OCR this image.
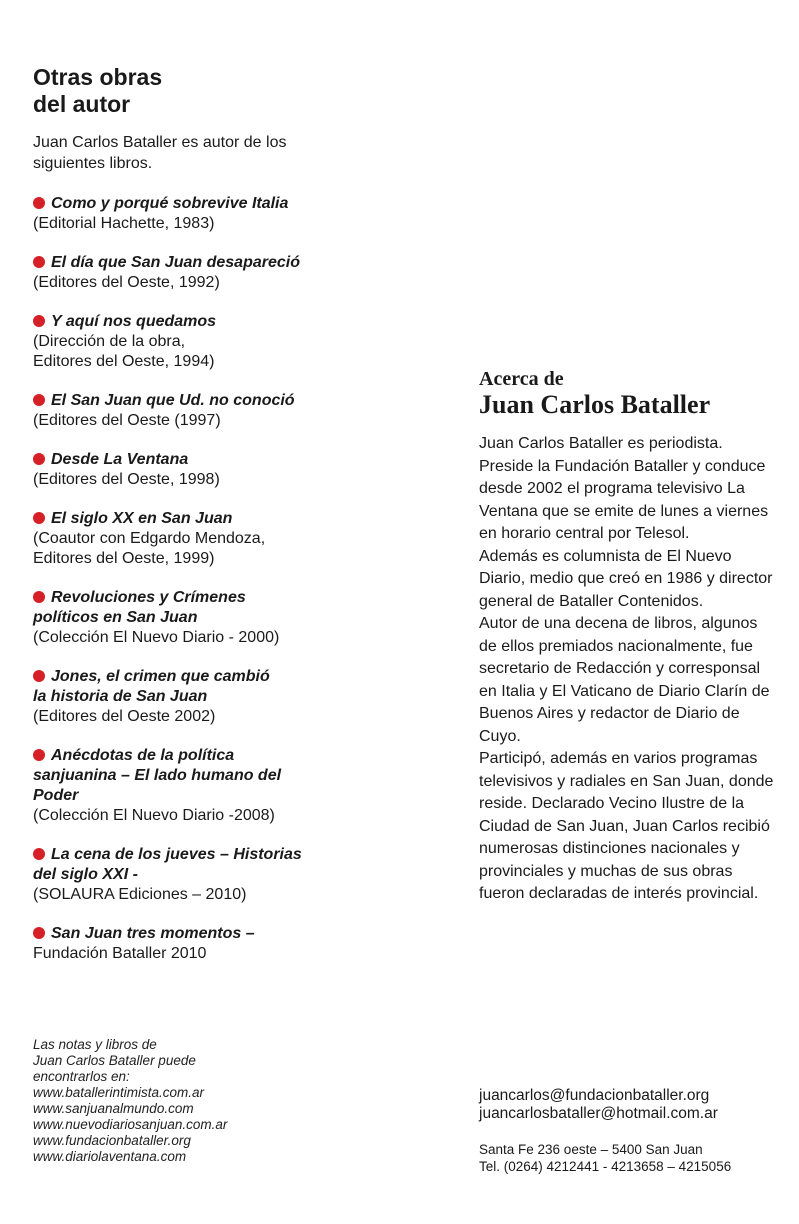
Otras obras
del autor

Juan Carlos Bataller es autor de los siguientes libros.

Como y porqué sobrevive Italia
(Editorial Hachette, 1983)
El día que San Juan desapareció
(Editores del Oeste, 1992)
Y aquí nos quedamos
(Dirección de la obra,
Editores del Oeste, 1994)
El San Juan que Ud. no conoció
(Editores del Oeste (1997)
Desde La Ventana
(Editores del Oeste, 1998)
El siglo XX en San Juan
(Coautor con Edgardo Mendoza,
Editores del Oeste, 1999)
Revoluciones y Crímenes
políticos en San Juan
(Colección El Nuevo Diario - 2000)
Jones, el crimen que cambió
la historia de San Juan
(Editores del Oeste 2002)
Anécdotas de la política
sanjuanina – El lado humano del
Poder
(Colección El Nuevo Diario -2008)
La cena de los jueves – Historias
del siglo XXI -
(SOLAURA Ediciones – 2010)
San Juan tres momentos –
Fundación Bataller 2010
Las notas y libros de
Juan Carlos Bataller puede
encontrarlos en:
www.batallerintimista.com.ar
www.sanjuanalmundo.com
www.nuevodiariosanjuan.com.ar
www.fundacionbataller.org
www.diariolaventana.com
Acerca de
Juan Carlos Bataller

Juan Carlos Bataller es periodista. Preside la Fundación Bataller y conduce desde 2002 el programa televisivo La Ventana que se emite de lunes a viernes en horario central por Telesol.

Además es columnista de El Nuevo Diario, medio que creó en 1986 y director general de Bataller Contenidos.

Autor de una decena de libros, algunos de ellos premiados nacionalmente, fue secretario de Redacción y corresponsal en Italia y El Vaticano de Diario Clarín de Buenos Aires y redactor de Diario de Cuyo.

Participó, además en varios programas televisivos y radiales en San Juan, donde reside. Declarado Vecino Ilustre de la Ciudad de San Juan, Juan Carlos recibió numerosas distinciones nacionales y provinciales y muchas de sus obras fueron declaradas de interés provincial.

juancarlos@fundacionbataller.org
juancarlosbataller@hotmail.com.ar
Santa Fe 236 oeste – 5400 San Juan
Tel. (0264) 4212441 - 4213658 – 4215056
